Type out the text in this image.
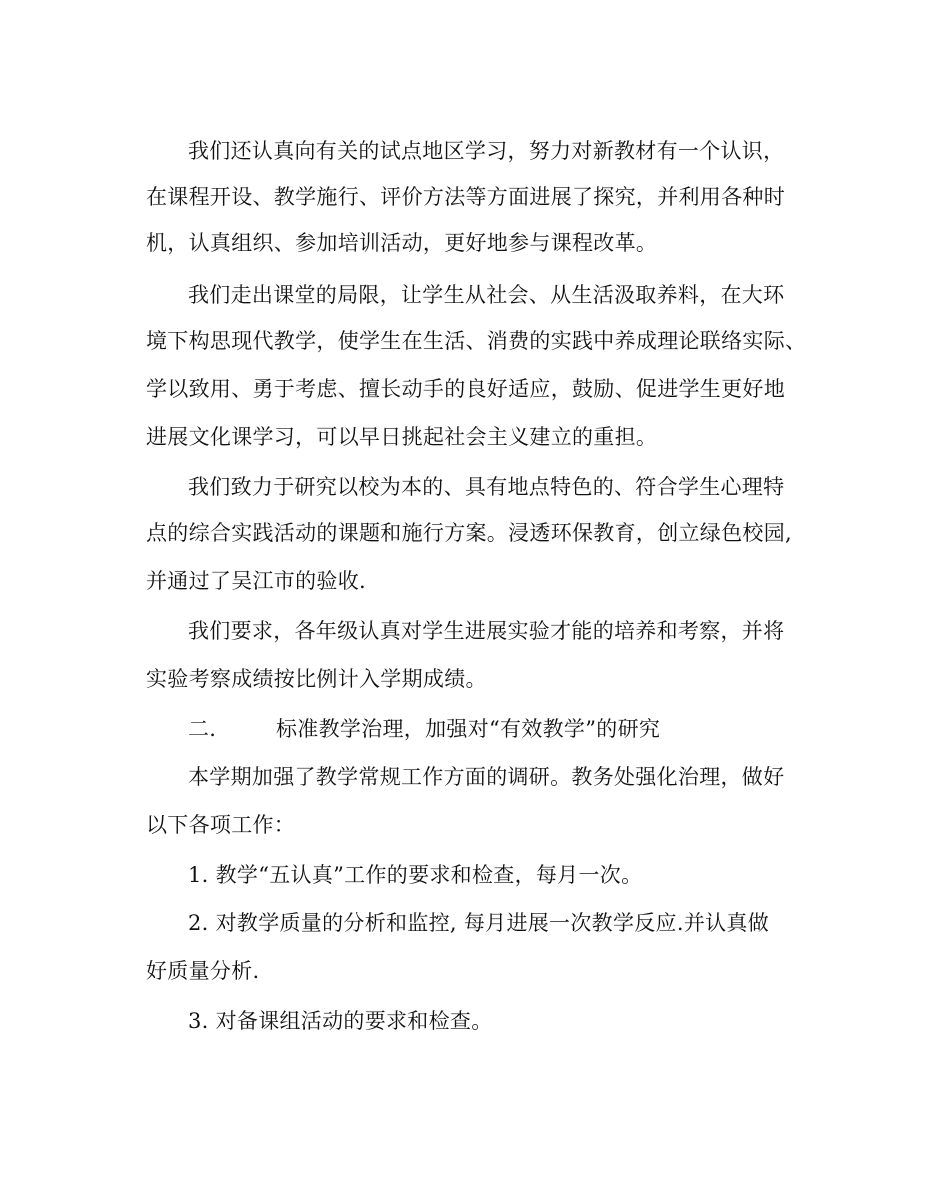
我们还认真向有关的试点地区学习，努力对新教材有一个认识，
在课程开设、教学施行、评价方法等方面进展了探究，并利用各种时
机，认真组织、参加培训活动，更好地参与课程改革。
我们走出课堂的局限，让学生从社会、从生活汲取养料，在大环
境下构思现代教学，使学生在生活、消费的实践中养成理论联络实际、
学以致用、勇于考虑、擅长动手的良好适应，鼓励、促进学生更好地
进展文化课学习，可以早日挑起社会主义建立的重担。
我们致力于研究以校为本的、具有地点特色的、符合学生心理特
点的综合实践活动的课题和施行方案。浸透环保教育，创立绿色校园,
并通过了吴江市的验收.
我们要求，各年级认真对学生进展实验才能的培养和考察，并将
实验考察成绩按比例计入学期成绩。
二.	标准教学治理，加强对“有效教学”的研究
本学期加强了教学常规工作方面的调研。教务处强化治理，做好
以下各项工作：
1. 教学“五认真”工作的要求和检查，每月一次。
2. 对教学质量的分析和监控, 每月进展一次教学反应.并认真做
好质量分析.
3. 对备课组活动的要求和检查。
